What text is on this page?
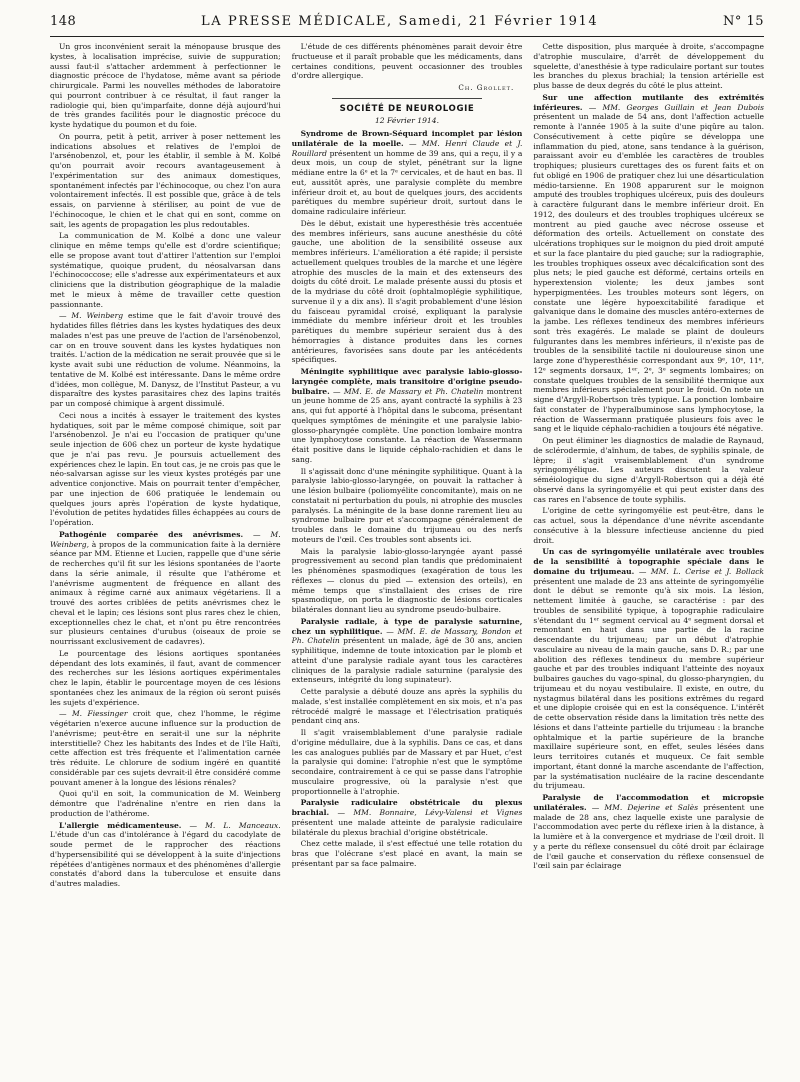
148	LA PRESSE MÉDICALE, Samedi, 21 Février 1914	N° 15

Un gros inconvénient serait la ménopause brusque des kystes, à localisation imprécise, suivie de suppuration; aussi faut-il s'attacher ardemment à perfectionner le diagnostic précoce de l'hydatose, même avant sa période chirurgicale. Parmi les nouvelles méthodes de laboratoire qui pourront contribuer à ce résultat, il faut ranger la radiologie qui, bien qu'imparfaite, donne déjà aujourd'hui de très grandes facilités pour le diagnostic précoce du kyste hydatique du poumon et du foie.

On pourra, petit à petit, arriver à poser nettement les indications absolues et relatives de l'emploi de l'arsénobenzol, et, pour les établir, il semble à M. Kolbé qu'on pourrait avoir recours avantageusement à l'expérimentation sur des animaux domestiques, spontanément infectés par l'échinocoque, ou chez l'on aura volontairement infectés. Il est possible que, grâce à de tels essais, on parvienne à stériliser, au point de vue de l'échinocoque, le chien et le chat qui en sont, comme on sait, les agents de propagation les plus redoutables.

La communication de M. Kolbé a donc une valeur clinique en même temps qu'elle est d'ordre scientifique; elle se propose avant tout d'attirer l'attention sur l'emploi systématique, quoique prudent, du néosalvarsan dans l'échinococcose; elle s'adresse aux expérimentateurs et aux cliniciens que la distribution géographique de la maladie met le mieux à même de travailler cette question passionnante.

— M. Weinberg estime que le fait d'avoir trouvé des hydatides filles flétries dans les kystes hydatiques des deux malades n'est pas une preuve de l'action de l'arsénobenzol, car on en trouve souvent dans les kystes hydatiques non traités. L'action de la médication ne serait prouvée que si le kyste avait subi une réduction de volume. Néanmoins, la tentative de M. Kolbé est intéressante. Dans le même ordre d'idées, mon collègue, M. Danysz, de l'Institut Pasteur, a vu disparaître des kystes parasitaires chez des lapins traités par un composé chimique à argent dissimulé.

Ceci nous a incités à essayer le traitement des kystes hydatiques, soit par le même composé chimique, soit par l'arsénobenzol. Je n'ai eu l'occasion de pratiquer qu'une seule injection de 606 chez un porteur de kyste hydatique que je n'ai pas revu. Je poursuis actuellement des expériences chez le lapin. En tout cas, je ne crois pas que le néo-salvarsan agisse sur les vieux kystes protégés par une adventice conjonctive. Mais on pourrait tenter d'empêcher, par une injection de 606 pratiquée le lendemain ou quelques jours après l'opération de kyste hydatique, l'évolution de petites hydatides filles échappées au cours de l'opération.

Pathogénie comparée des anévrismes. — M. Weinberg, à propos de la communication faite à la dernière séance par MM. Etienne et Lucien, rappelle que d'une série de recherches qu'il fit sur les lésions spontanées de l'aorte dans la série animale, il résulte que l'athérome et l'anévrisme augmentent de fréquence en allant des animaux à régime carné aux animaux végétariens. Il a trouvé des aortes criblées de petits anévrismes chez le cheval et le lapin; ces lésions sont plus rares chez le chien, exceptionnelles chez le chat, et n'ont pu être rencontrées sur plusieurs centaines d'urubus (oiseaux de proie se nourrissant exclusivement de cadavres).

Le pourcentage des lésions aortiques spontanées dépendant des lots examinés, il faut, avant de commencer des recherches sur les lésions aortiques expérimentales chez le lapin, établir le pourcentage moyen de ces lésions spontanées chez les animaux de la région où seront puisés les sujets d'expérience.

— M. Fiessinger croit que, chez l'homme, le régime végétarien n'exerce aucune influence sur la production de l'anévrisme; peut-être en serait-il une sur la néphrite interstitielle? Chez les habitants des Indes et de l'île Haïti, cette affection est très fréquente et l'alimentation carnée très réduite. Le chlorure de sodium ingéré en quantité considérable par ces sujets devrait-il être considéré comme pouvant amener à la longue des lésions rénales?

Quoi qu'il en soit, la communication de M. Weinberg démontre que l'adrénaline n'entre en rien dans la production de l'athérome.

L'allergie médicamenteuse. — M. L. Manceaux. L'étude d'un cas d'intolérance à l'égard du cacodylate de soude permet de le rapprocher des réactions d'hypersensibilité qui se développent à la suite d'injections répétées d'antigènes normaux et des phénomènes d'allergie constatés d'abord dans la tuberculose et ensuite dans d'autres maladies.

L'étude de ces différents phénomènes parait devoir être fructueuse et il paraît probable que les médicaments, dans certaines conditions, peuvent occasionner des troubles d'ordre allergique.

Ch. Grollet.
SOCIÉTÉ DE NEUROLOGIE
12 Février 1914.

Syndrome de Brown-Séquard incomplet par lésion unilatérale de la moelle. — MM. Henri Claude et J. Rouillard présentent un homme de 39 ans, qui a reçu, il y a deux mois, un coup de stylet, pénétrant sur la ligne médiane entre la 6ᵉ et la 7ᵉ cervicales, et de haut en bas. Il eut, aussitôt après, une paralysie complète du membre inférieur droit et, au bout de quelques jours, des accidents parétiques du membre supérieur droit, surtout dans le domaine radiculaire inférieur.

Dès le début, existait une hyperesthésie très accentuée des membres inférieurs, sans aucune anesthésie du côté gauche, une abolition de la sensibilité osseuse aux membres inférieurs. L'amélioration a été rapide; il persiste actuellement quelques troubles de la marche et une légère atrophie des muscles de la main et des extenseurs des doigts du côté droit. Le malade présente aussi du ptosis et de la mydriase du côté droit (ophtalmoplégie syphilitique, survenue il y a dix ans). Il s'agit probablement d'une lésion du faisceau pyramidal croisé, expliquant la paralysie immédiate du membre inférieur droit et les troubles parétiques du membre supérieur seraient dus à des hémorragies à distance produites dans les cornes antérieures, favorisées sans doute par les antécédents spécifiques.

Méningite syphilitique avec paralysie labio-glosso-laryngée complète, mais transitoire d'origine pseudo-bulbaire. — MM. E. de Massary et Ph. Chatelin montrent un jeune homme de 25 ans, ayant contracté la syphilis à 23 ans, qui fut apporté à l'hôpital dans le subcoma, présentant quelques symptômes de méningite et une paralysie labio-glosso-pharyngée complète. Une ponction lombaire montra une lymphocytose constante. La réaction de Wassermann était positive dans le liquide céphalo-rachidien et dans le sang.

Il s'agissait donc d'une méningite syphilitique. Quant à la paralysie labio-glosso-laryngée, on pouvait la rattacher à une lésion bulbaire (poliomyélite concomitante), mais on ne constatait ni perturbation du pouls, ni atrophie des muscles paralysés. La méningite de la base donne rarement lieu au syndrome bulbaire pur et s'accompagne généralement de troubles dans le domaine du trijumeau ou des nerfs moteurs de l'œil. Ces troubles sont absents ici.

Mais la paralysie labio-glosso-laryngée ayant passé progressivement au second plan tandis que prédominaient les phénomènes spasmodiques (exagération de tous les réflexes — clonus du pied — extension des orteils), en même temps que s'installaient des crises de rire spasmodique, on porta le diagnostic de lésions corticales bilatérales donnant lieu au syndrome pseudo-bulbaire.

Paralysie radiale, à type de paralysie saturnine, chez un syphilitique. — MM. E. de Massary, Bondon et Ph. Chatelin présentent un malade, âgé de 30 ans, ancien syphilitique, indemne de toute intoxication par le plomb et atteint d'une paralysie radiale ayant tous les caractères cliniques de la paralysie radiale saturnine (paralysie des extenseurs, intégrité du long supinateur).

Cette paralysie a débuté douze ans après la syphilis du malade, s'est installée complètement en six mois, et n'a pas rétrocédé malgré le massage et l'électrisation pratiqués pendant cinq ans.

Il s'agit vraisemblablement d'une paralysie radiale d'origine médullaire, due à la syphilis. Dans ce cas, et dans les cas analogues publiés par de Massary et par Huet, c'est la paralysie qui domine: l'atrophie n'est que le symptôme secondaire, contrairement à ce qui se passe dans l'atrophie musculaire progressive, où la paralysie n'est que proportionnelle à l'atrophie.

Paralysie radiculaire obstétricale du plexus brachial. — MM. Bonnaire, Lévy-Valensi et Vignes présentent une malade atteinte de paralysie radiculaire bilatérale du plexus brachial d'origine obstétricale.

Chez cette malade, il s'est effectué une telle rotation du bras que l'olécrane s'est placé en avant, la main se présentant par sa face palmaire.

Cette disposition, plus marquée à droite, s'accompagne d'atrophie musculaire, d'arrêt de développement du squelette, d'anesthésie à type radiculaire portant sur toutes les branches du plexus brachial; la tension artérielle est plus basse de deux degrés du côté le plus atteint.

Sur une affection mutilante des extrémités inférieures. — MM. Georges Guillain et Jean Dubois présentent un malade de 54 ans, dont l'affection actuelle remonte à l'année 1905 à la suite d'une piqûre au talon. Consécutivement à cette piqûre se développa une inflammation du pied, atone, sans tendance à la guérison, paraissant avoir eu d'emblée les caractères de troubles trophiques; plusieurs curettages des os furent faits et on fut obligé en 1906 de pratiquer chez lui une désarticulation médio-tarsienne. En 1908 apparurent sur le moignon amputé des troubles trophiques ulcéreux, puis des douleurs à caractère fulgurant dans le membre inférieur droit. En 1912, des douleurs et des troubles trophiques ulcéreux se montrent au pied gauche avec nécrose osseuse et déformation des orteils. Actuellement on constate des ulcérations trophiques sur le moignon du pied droit amputé et sur la face plantaire du pied gauche; sur la radiographie, les troubles trophiques osseux avec décalcification sont des plus nets; le pied gauche est déformé, certains orteils en hyperextension violente; les deux jambes sont hyperpigmentées. Les troubles moteurs sont légers, on constate une légère hypoexcitabilité faradique et galvanique dans le domaine des muscles antéro-externes de la jambe. Les réflexes tendineux des membres inférieurs sont très exagérés. Le malade se plaint de douleurs fulgurantes dans les membres inférieurs, il n'existe pas de troubles de la sensibilité tactile ni douloureuse sinon une large zone d'hyperesthésie correspondant aux 9ᵉ, 10ᵉ, 11ᵉ, 12ᵉ segments dorsaux, 1ᵉʳ, 2ᵉ, 3ᵉ segments lombaires; on constate quelques troubles de la sensibilité thermique aux membres inférieurs spécialement pour le froid. On note un signe d'Argyll-Robertson très typique. La ponction lombaire fait constater de l'hyperalbuminose sans lymphocytose, la réaction de Wassermann pratiquée plusieurs fois avec le sang et le liquide céphalo-rachidien a toujours été négative.

On peut éliminer les diagnostics de maladie de Raynaud, de sclérodermie, d'aïnhum, de tabes, de syphilis spinale, de lèpre; il s'agit vraisemblablement d'un syndrome syringomyélique. Les auteurs discutent la valeur séméiologique du signe d'Argyll-Robertson qui a déjà été observé dans la syringomyélie et qui peut exister dans des cas rares en l'absence de toute syphilis.

L'origine de cette syringomyélie est peut-être, dans le cas actuel, sous la dépendance d'une névrite ascendante consécutive à la blessure infectieuse ancienne du pied droit.

Un cas de syringomyélie unilatérale avec troubles de la sensibilité à topographie spéciale dans le domaine du trijumeau. — MM. L. Cerise et J. Bollack présentent une malade de 23 ans atteinte de syringomyélie dont le début se remonte qu'à six mois. La lésion, nettement limitée à gauche, se caractérise : par des troubles de sensibilité typique, à topographie radiculaire s'étendant du 1ᵉʳ segment cervical au 4ᵉ segment dorsal et remontant en haut dans une partie de la racine descendante du trijumeau; par un début d'atrophie vasculaire au niveau de la main gauche, sans D. R.; par une abolition des réflexes tendineux du membre supérieur gauche et par des troubles indiquant l'atteinte des noyaux bulbaires gauches du vago-spinal, du glosso-pharyngien, du trijumeau et du noyau vestibulaire. Il existe, en outre, du nystagmus bilatéral dans les positions extrêmes du regard et une diplopie croisée qui en est la conséquence. L'intérêt de cette observation réside dans la limitation très nette des lésions et dans l'atteinte partielle du trijumeau : la branche ophtalmique et la partie supérieure de la branche maxillaire supérieure sont, en effet, seules lésées dans leurs territoires cutanés et muqueux. Ce fait semble important, étant donné la marche ascendante de l'affection, par la systématisation nucléaire de la racine descendante du trijumeau.

Paralysie de l'accommodation et micropsie unilatérales. — MM. Dejerine et Salès présentent une malade de 28 ans, chez laquelle existe une paralysie de l'accommodation avec perte du réflexe irien à la distance, à la lumière et à la convergence et mydriase de l'œil droit. Il y a perte du réflexe consensuel du côté droit par éclairage de l'œil gauche et conservation du réflexe consensuel de l'œil sain par éclairage
